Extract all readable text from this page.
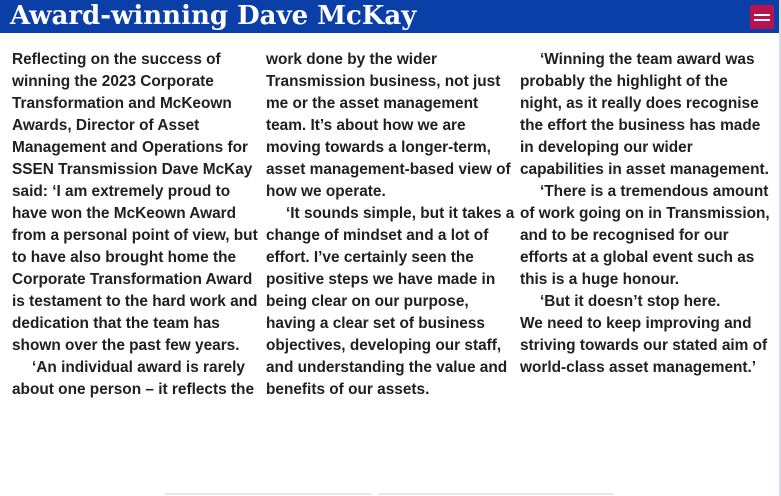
Award-winning Dave McKay

Reflecting on the success of winning the 2023 Corporate Transformation and McKeown Awards, Director of Asset Management and Operations for SSEN Transmission Dave McKay said: ‘I am extremely proud to have won the McKeown Award from a personal point of view, but to have also brought home the Corporate Transformation Award is testament to the hard work and dedication that the team has shown over the past few years.

‘An individual award is rarely about one person – it reflects the

work done by the wider Transmission business, not just me or the asset management team. It’s about how we are moving towards a longer-term, asset management-based view of how we operate.

‘It sounds simple, but it takes a change of mindset and a lot of effort. I’ve certainly seen the positive steps we have made in being clear on our purpose, having a clear set of business objectives, developing our staff, and understanding the value and benefits of our assets.

‘Winning the team award was probably the highlight of the night, as it really does recognise the effort the business has made in developing our wider capabilities in asset management.

‘There is a tremendous amount of work going on in Transmission, and to be recognised for our efforts at a global event such as this is a huge honour.

‘But it doesn’t stop here.

We need to keep improving and striving towards our stated aim of world-class asset management.’
